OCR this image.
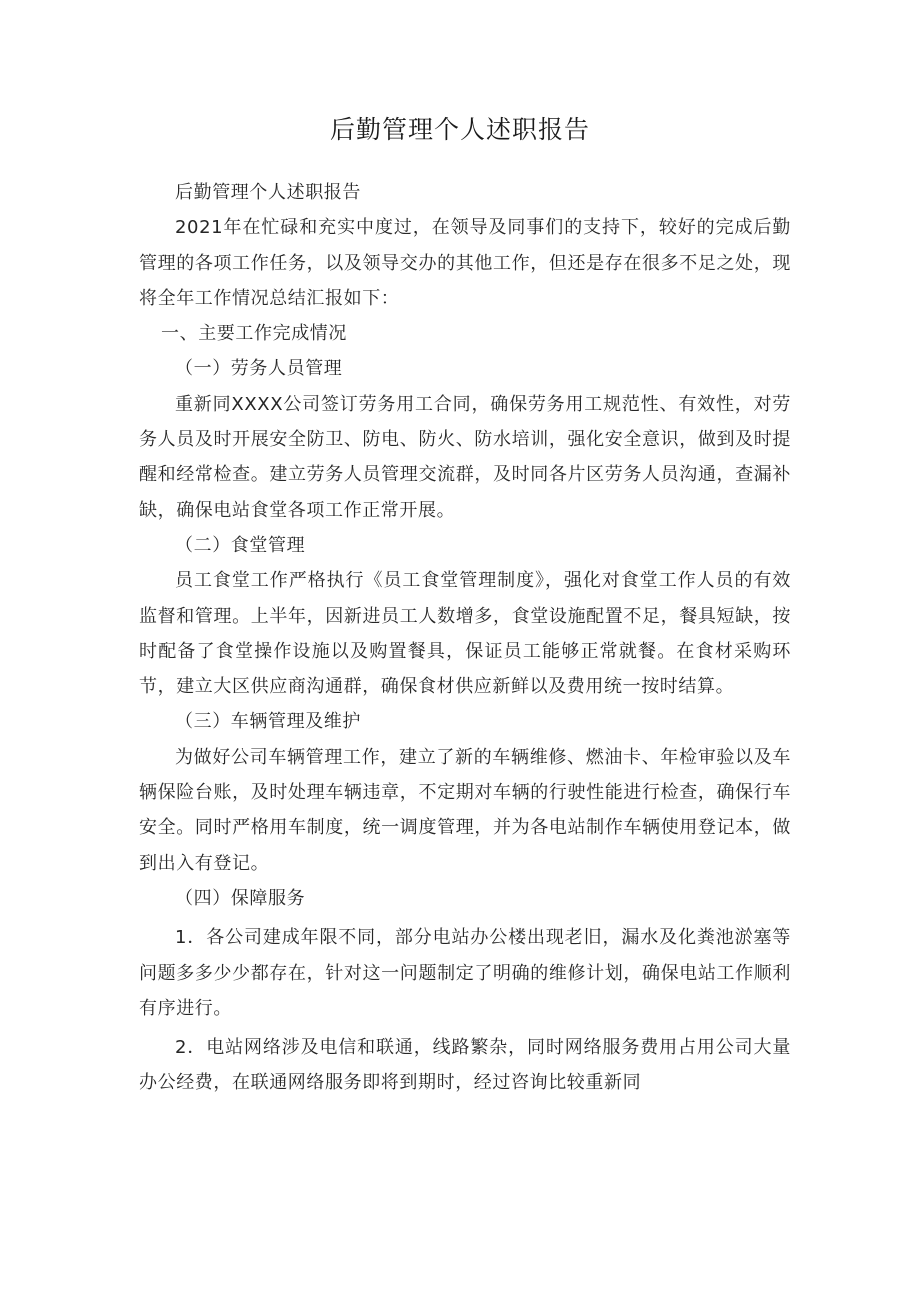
后勤管理个人述职报告

后勤管理个人述职报告

2021年在忙碌和充实中度过，在领导及同事们的支持下，较好的完成后勤管理的各项工作任务，以及领导交办的其他工作，但还是存在很多不足之处，现将全年工作情况总结汇报如下：

一、主要工作完成情况

（一）劳务人员管理

重新同XXXX公司签订劳务用工合同，确保劳务用工规范性、有效性，对劳务人员及时开展安全防卫、防电、防火、防水培训，强化安全意识，做到及时提醒和经常检查。建立劳务人员管理交流群，及时同各片区劳务人员沟通，查漏补缺，确保电站食堂各项工作正常开展。

（二）食堂管理

员工食堂工作严格执行《员工食堂管理制度》，强化对食堂工作人员的有效监督和管理。上半年，因新进员工人数增多，食堂设施配置不足，餐具短缺，按时配备了食堂操作设施以及购置餐具，保证员工能够正常就餐。在食材采购环节，建立大区供应商沟通群，确保食材供应新鲜以及费用统一按时结算。

（三）车辆管理及维护

为做好公司车辆管理工作，建立了新的车辆维修、燃油卡、年检审验以及车辆保险台账，及时处理车辆违章，不定期对车辆的行驶性能进行检查，确保行车安全。同时严格用车制度，统一调度管理，并为各电站制作车辆使用登记本，做到出入有登记。

（四）保障服务

1．各公司建成年限不同，部分电站办公楼出现老旧，漏水及化粪池淤塞等问题多多少少都存在，针对这一问题制定了明确的维修计划，确保电站工作顺利有序进行。

2．电站网络涉及电信和联通，线路繁杂，同时网络服务费用占用公司大量办公经费，在联通网络服务即将到期时，经过咨询比较重新同
